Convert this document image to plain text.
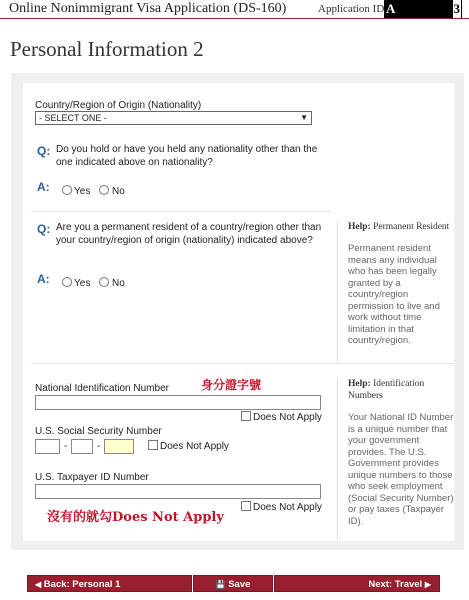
Online Nonimmigrant Visa Application (DS-160)	Application ID A	3
Personal Information 2
Country/Region of Origin (Nationality)
- SELECT ONE -	▼
Q: Do you hold or have you held any nationality other than the one indicated above on nationality?
A: Yes No
Q: Are you a permanent resident of a country/region other than your country/region of origin (nationality) indicated above?
A: Yes No
Help: Permanent Resident
Permanent resident means any individual who has been legally granted by a country/region permission to live and work without time limitation in that country/region.
National Identification Number	身分證字號
Does Not Apply
U.S. Social Security Number
-	-	Does Not Apply
U.S. Taxpayer ID Number
Does Not Apply
沒有的就勾Does Not Apply
Help: Identification Numbers
Your National ID Number is a unique number that your government provides. The U.S. Government provides unique numbers to those who seek employment (Social Security Number) or pay taxes (Taxpayer ID).
◀ Back: Personal 1	💾 Save	Next: Travel ▶
